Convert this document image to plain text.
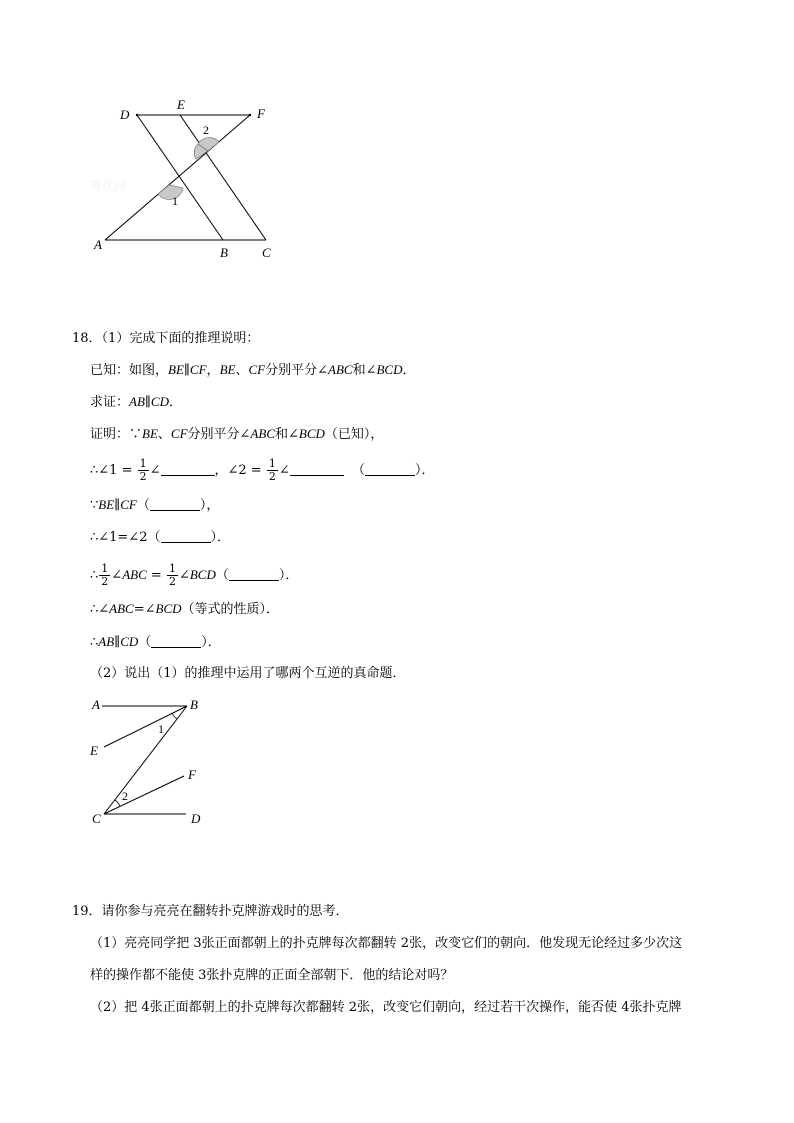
菁优网
D
E
F
A
B	C
1
2
18．（1）完成下面的推理说明：
已知：如图，BE∥CF，BE、CF分别平分∠ABC和∠BCD．
求证：AB∥CD．
证明：∵BE、CF分别平分∠ABC和∠BCD（已知），
∴∠1 = $\frac{1}{2}$ ∠	，∠2 = $\frac{1}{2}$ ∠	（	）．
∵BE∥CF（	），
∴∠1=∠2（	）．
∴ $\frac{1}{2}$ ∠ABC = $\frac{1}{2}$ ∠BCD（	）．
∴∠ABC=∠BCD（等式的性质）．
∴AB∥CD（	）．
（2）说出（1）的推理中运用了哪两个互逆的真命题．
A	B
E
F
C	D
1
2
19．请你参与亮亮在翻转扑克牌游戏时的思考．
（1）亮亮同学把 3张正面都朝上的扑克牌每次都翻转 2张，改变它们的朝向．他发现无论经过多少次这
样的操作都不能使 3张扑克牌的正面全部朝下．他的结论对吗？
（2）把 4张正面都朝上的扑克牌每次都翻转 2张，改变它们朝向，经过若干次操作，能否使 4张扑克牌
